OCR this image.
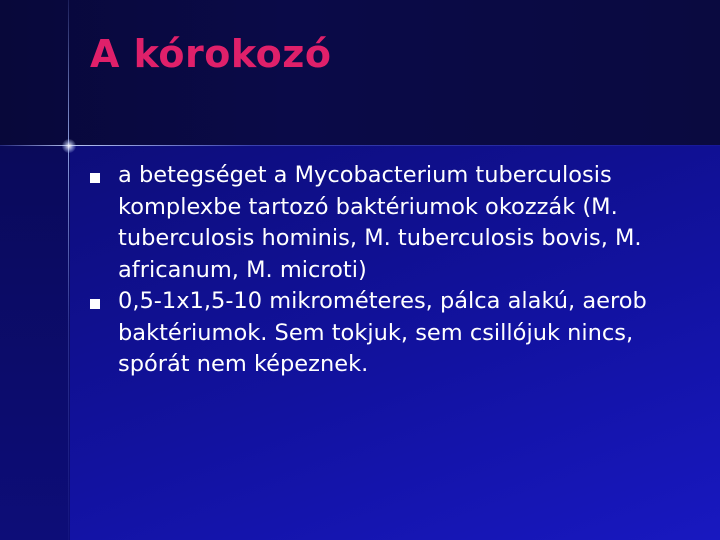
A kórokozó
a betegséget a Mycobacterium tuberculosis komplexbe tartozó baktériumok okozzák (M. tuberculosis hominis, M. tuberculosis bovis, M. africanum, M. microti)
0,5-1x1,5-10 mikrométeres, pálca alakú, aerob baktériumok. Sem tokjuk, sem csillójuk nincs, spórát nem képeznek.
